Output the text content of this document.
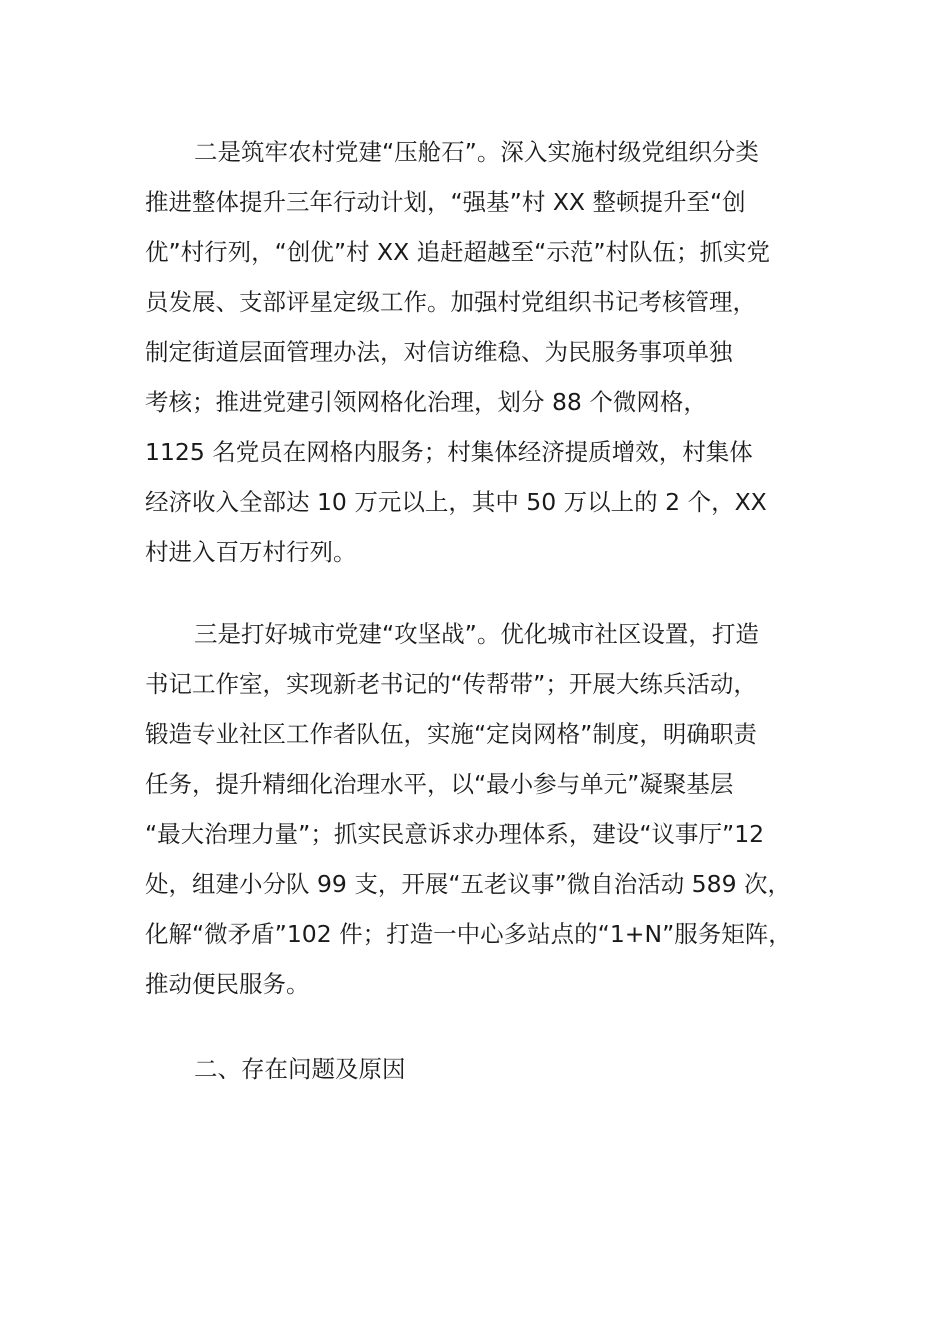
二是筑牢农村党建“压舱石”。深入实施村级党组织分类
推进整体提升三年行动计划，“强基”村 XX 整顿提升至“创
优”村行列，“创优”村 XX 追赶超越至“示范”村队伍；抓实党
员发展、支部评星定级工作。加强村党组织书记考核管理，
制定街道层面管理办法，对信访维稳、为民服务事项单独
考核；推进党建引领网格化治理，划分 88 个微网格，
1125 名党员在网格内服务；村集体经济提质增效，村集体
经济收入全部达 10 万元以上，其中 50 万以上的 2 个，XX
村进入百万村行列。
三是打好城市党建“攻坚战”。优化城市社区设置，打造
书记工作室，实现新老书记的“传帮带”；开展大练兵活动，
锻造专业社区工作者队伍，实施“定岗网格”制度，明确职责
任务，提升精细化治理水平，以“最小参与单元”凝聚基层
“最大治理力量”；抓实民意诉求办理体系，建设“议事厅”12
处，组建小分队 99 支，开展“五老议事”微自治活动 589 次，
化解“微矛盾”102 件；打造一中心多站点的“1+N”服务矩阵，
推动便民服务。
二、存在问题及原因
